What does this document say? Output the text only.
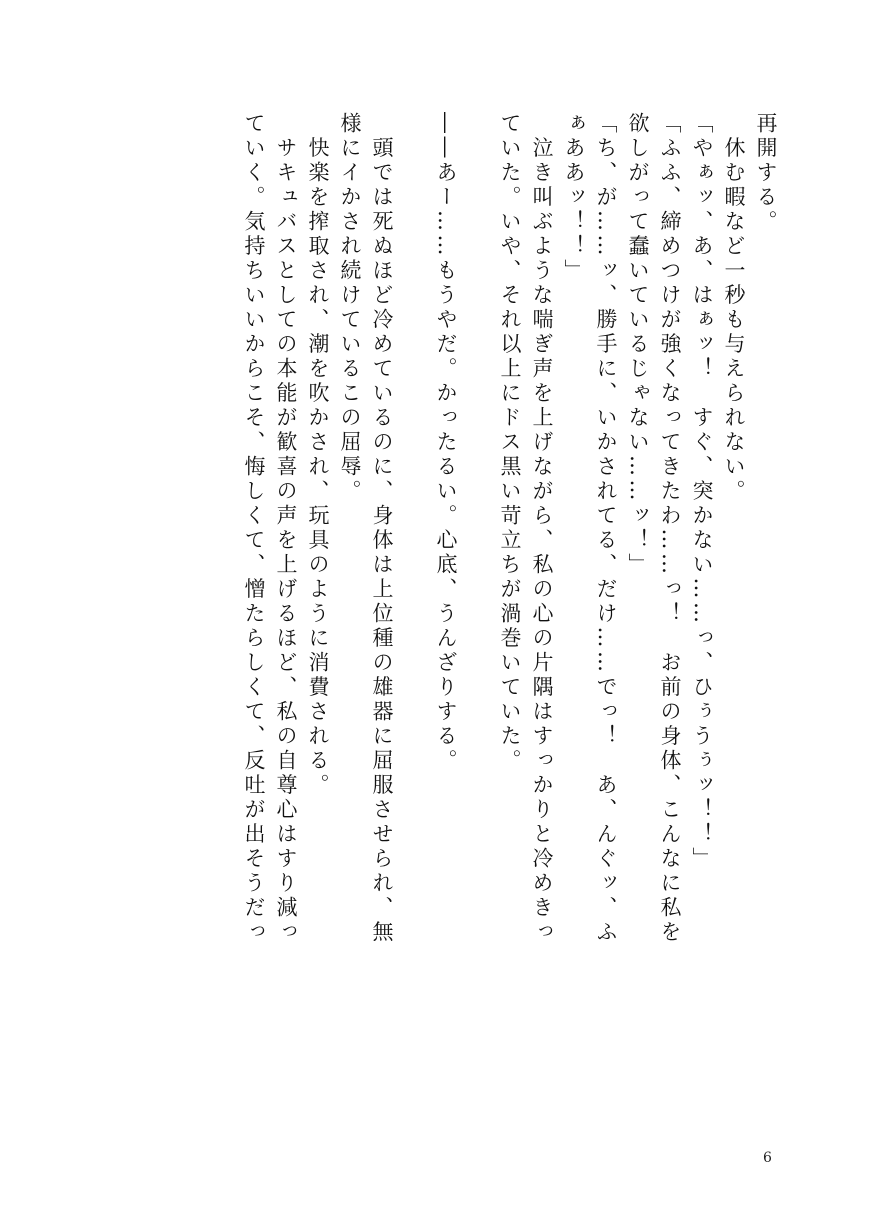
再開する。
　休む暇など一秒も与えられない。
「やぁッ、あ、はぁッ！　すぐ、突かない……っ、ひぅうぅッ！！」
「ふふ、締めつけが強くなってきたわ……っ！　お前の身体、こんなに私を
欲しがって蠢いているじゃない……ッ！」
「ち、が……ッ、勝手に、いかされてる、だけ……でっ！　あ、んぐッ、ふ
ぁああッ！！」
　泣き叫ぶような喘ぎ声を上げながら、私の心の片隅はすっかりと冷めきっ
ていた。いや、それ以上にドス黒い苛立ちが渦巻いていた。
――あー……もうやだ。かったるい。心底、うんざりする。
　頭では死ぬほど冷めているのに、身体は上位種の雄器に屈服させられ、無
様にイかされ続けているこの屈辱。
　快楽を搾取され、潮を吹かされ、玩具のように消費される。
　サキュバスとしての本能が歓喜の声を上げるほど、私の自尊心はすり減っ
ていく。気持ちいいからこそ、悔しくて、憎たらしくて、反吐が出そうだっ
6
